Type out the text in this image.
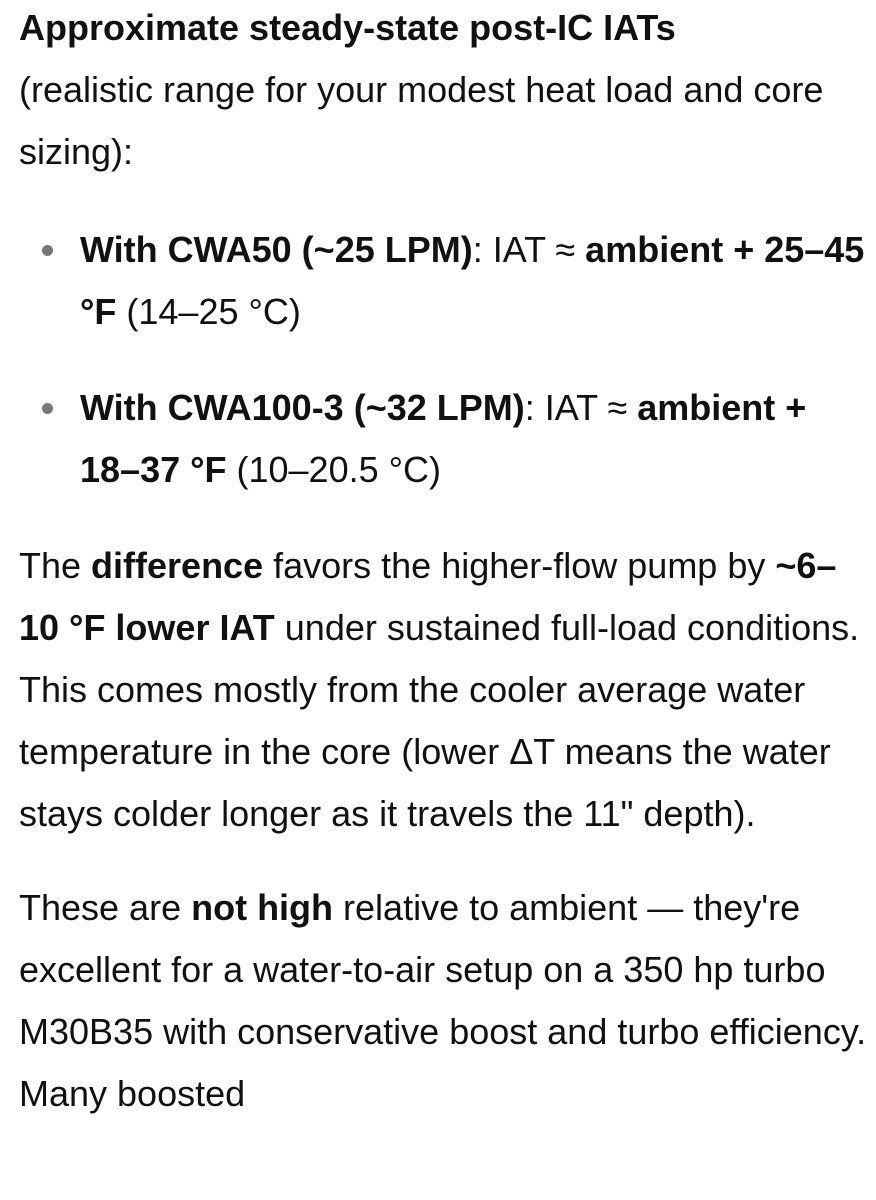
Approximate steady-state post-IC IATs
(realistic range for your modest heat load and core sizing):
With CWA50 (~25 LPM): IAT ≈ ambient + 25–45 °F (14–25 °C)
With CWA100-3 (~32 LPM): IAT ≈ ambient + 18–37 °F (10–20.5 °C)

The difference favors the higher-flow pump by ~6–10 °F lower IAT under sustained full-load conditions. This comes mostly from the cooler average water temperature in the core (lower ΔT means the water stays colder longer as it travels the 11" depth).

These are not high relative to ambient — they're excellent for a water-to-air setup on a 350 hp turbo M30B35 with conservative boost and turbo efficiency. Many boosted
